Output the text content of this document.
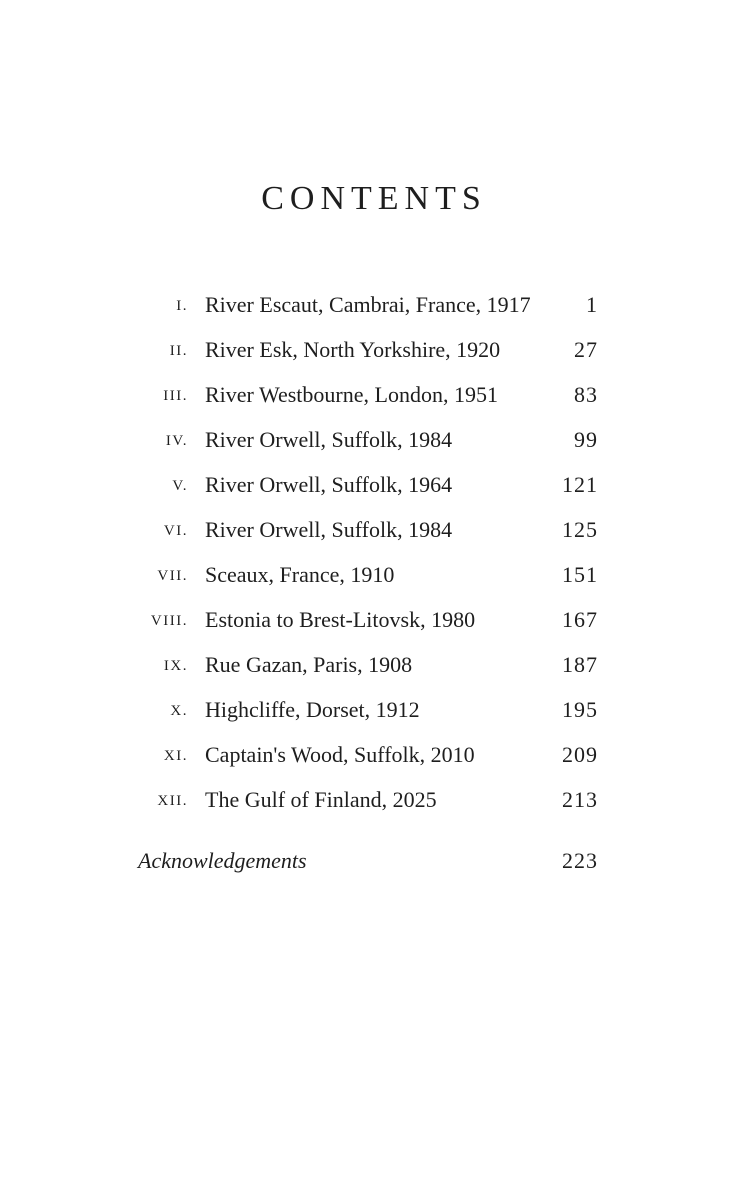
CONTENTS
I. River Escaut, Cambrai, France, 1917	1
II. River Esk, North Yorkshire, 1920	27
III. River Westbourne, London, 1951	83
IV. River Orwell, Suffolk, 1984	99
V. River Orwell, Suffolk, 1964	121
VI. River Orwell, Suffolk, 1984	125
VII. Sceaux, France, 1910	151
VIII. Estonia to Brest-Litovsk, 1980	167
IX. Rue Gazan, Paris, 1908	187
X. Highcliffe, Dorset, 1912	195
XI. Captain's Wood, Suffolk, 2010	209
XII. The Gulf of Finland, 2025	213
Acknowledgements	223
